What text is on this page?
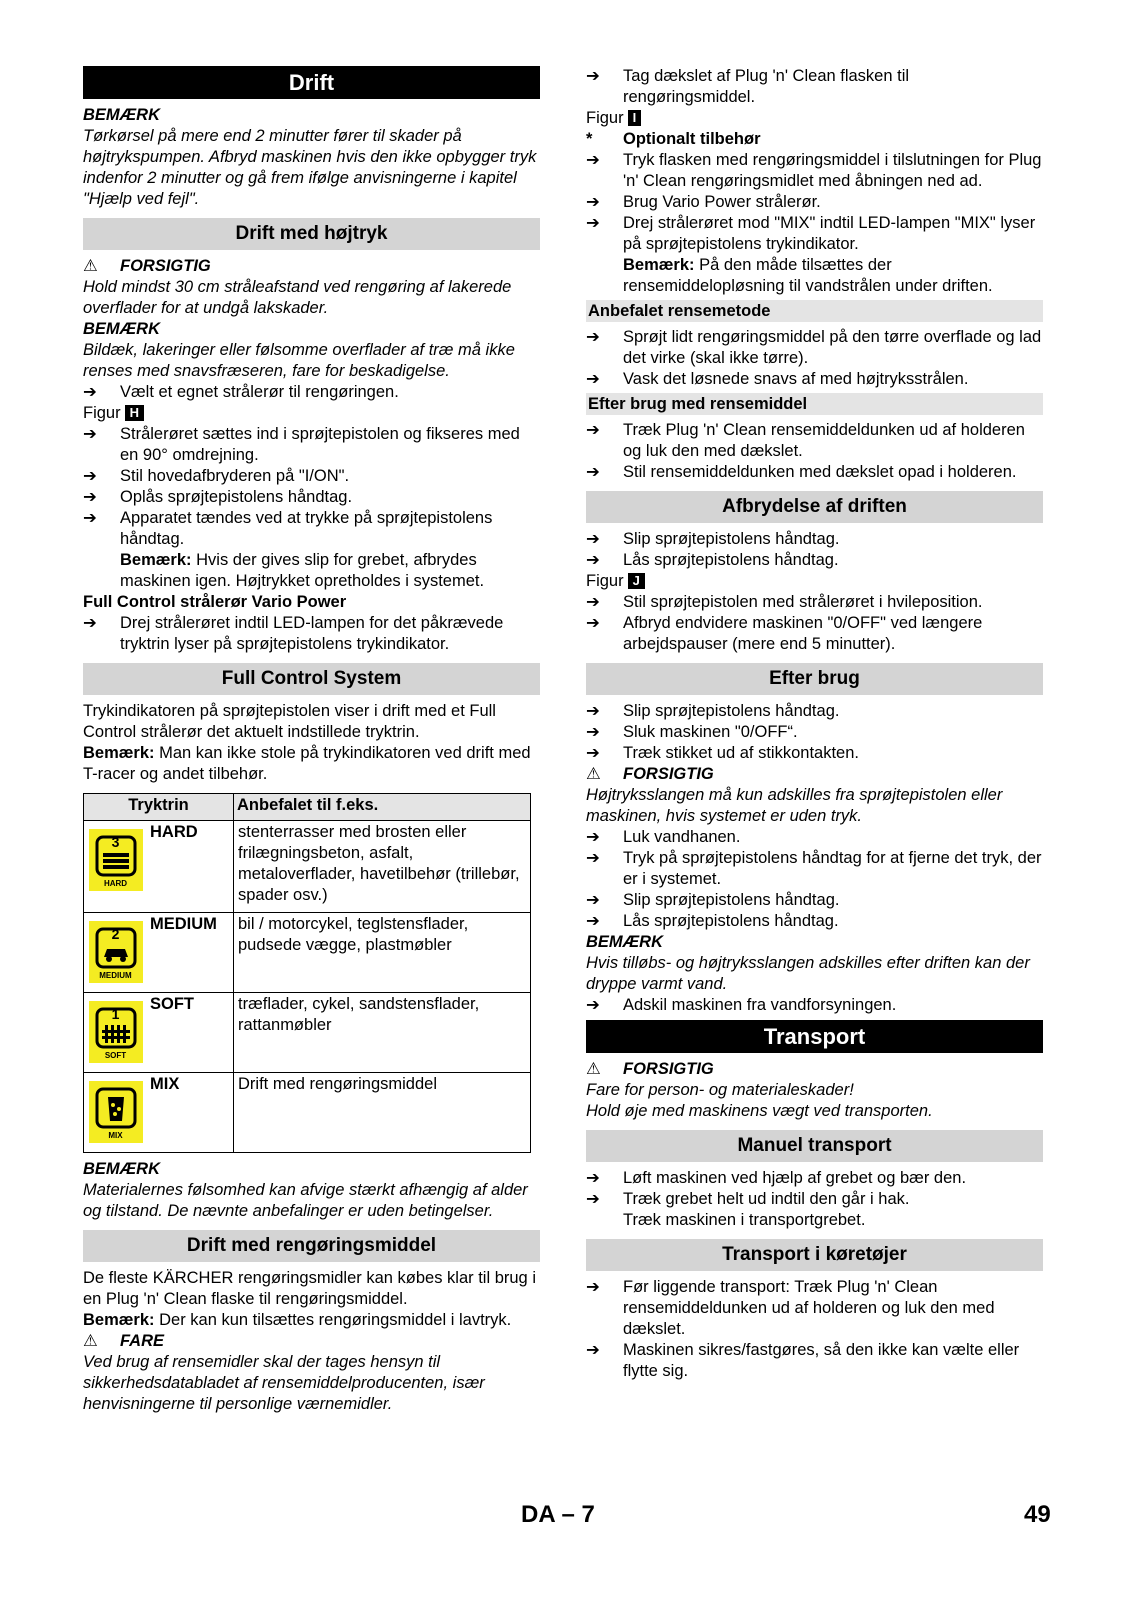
Drift
BEMÆRK
Tørkørsel på mere end 2 minutter fører til skader på højtrykspumpen. Afbryd maskinen hvis den ikke opbygger tryk indenfor 2 minutter og gå frem ifølge anvisningerne i kapitel "Hjælp ved fejl".
Drift med højtryk
⚠	FORSIGTIG
Hold mindst 30 cm stråleafstand ved rengøring af lakerede overflader for at undgå lakskader.
BEMÆRK
Bildæk, lakeringer eller følsomme overflader af træ må ikke renses med snavsfræseren, fare for beskadigelse.
➔ Vælt et egnet strålerør til rengøringen.
Figur H
➔ Strålerøret sættes ind i sprøjtepistolen og fikseres med en 90° omdrejning.
➔ Stil hovedafbryderen på "I/ON".
➔ Oplås sprøjtepistolens håndtag.
➔ Apparatet tændes ved at trykke på sprøjtepistolens håndtag.
Bemærk: Hvis der gives slip for grebet, afbrydes maskinen igen. Højtrykket opretholdes i systemet.
Full Control strålerør Vario Power
➔ Drej strålerøret indtil LED-lampen for det påkrævede tryktrin lyser på sprøjtepistolens trykindikator.
Full Control System
Trykindikatoren på sprøjtepistolen viser i drift med et Full Control strålerør det aktuelt indstillede tryktrin.
Bemærk: Man kan ikke stole på trykindikatoren ved drift med T-racer og andet tilbehør.
Tryktrin		Anbefalet til f.eks.

3
HARD	HARD	stenterrasser med brosten eller frilægningsbeton, asfalt, metaloverflader, havetilbehør (trillebør, spader osv.)

2
MEDIUM	MEDIUM	bil / motorcykel, teglstensflader, pudsede vægge, plastmøbler

1
SOFT	SOFT	træflader, cykel, sandstensflader, rattanmøbler

MIX	MIX	Drift med rengøringsmiddel
BEMÆRK
Materialernes følsomhed kan afvige stærkt afhængig af alder og tilstand. De nævnte anbefalinger er uden betingelser.
Drift med rengøringsmiddel
De fleste KÄRCHER rengøringsmidler kan købes klar til brug i en Plug 'n' Clean flaske til rengøringsmiddel.
Bemærk: Der kan kun tilsættes rengøringsmiddel i lavtryk.
⚠	FARE
Ved brug af rensemidler skal der tages hensyn til sikkerhedsdatabladet af rensemiddelproducenten, især henvisningerne til personlige værnemidler.
➔ Tag dækslet af Plug 'n' Clean flasken til rengøringsmiddel.
Figur I
* Optionalt tilbehør
➔ Tryk flasken med rengøringsmiddel i tilslutningen for Plug 'n' Clean rengøringsmidlet med åbningen ned ad.
➔ Brug Vario Power strålerør.
➔ Drej strålerøret mod "MIX" indtil LED-lampen "MIX" lyser på sprøjtepistolens trykindikator.
Bemærk: På den måde tilsættes der rensemiddelopløsning til vandstrålen under driften.
Anbefalet rensemetode
➔ Sprøjt lidt rengøringsmiddel på den tørre overflade og lad det virke (skal ikke tørre).
➔ Vask det løsnede snavs af med højtryksstrålen.
Efter brug med rensemiddel
➔ Træk Plug 'n' Clean rensemiddeldunken ud af holderen og luk den med dækslet.
➔ Stil rensemiddeldunken med dækslet opad i holderen.
Afbrydelse af driften
➔ Slip sprøjtepistolens håndtag.
➔ Lås sprøjtepistolens håndtag.
Figur J
➔ Stil sprøjtepistolen med strålerøret i hvileposition.
➔ Afbryd endvidere maskinen "0/OFF" ved længere arbejdspauser (mere end 5 minutter).
Efter brug
➔ Slip sprøjtepistolens håndtag.
➔ Sluk maskinen "0/OFF“.
➔ Træk stikket ud af stikkontakten.
⚠	FORSIGTIG
Højtryksslangen må kun adskilles fra sprøjtepistolen eller maskinen, hvis systemet er uden tryk.
➔ Luk vandhanen.
➔ Tryk på sprøjtepistolens håndtag for at fjerne det tryk, der er i systemet.
➔ Slip sprøjtepistolens håndtag.
➔ Lås sprøjtepistolens håndtag.
BEMÆRK
Hvis tilløbs- og højtryksslangen adskilles efter driften kan der dryppe varmt vand.
➔ Adskil maskinen fra vandforsyningen.
Transport
⚠	FORSIGTIG
Fare for person- og materialeskader!
Hold øje med maskinens vægt ved transporten.
Manuel transport
➔ Løft maskinen ved hjælp af grebet og bær den.
➔ Træk grebet helt ud indtil den går i hak.
Træk maskinen i transportgrebet.
Transport i køretøjer
➔ Før liggende transport: Træk Plug 'n' Clean rensemiddeldunken ud af holderen og luk den med dækslet.
➔ Maskinen sikres/fastgøres, så den ikke kan vælte eller flytte sig.
DA – 7	49
